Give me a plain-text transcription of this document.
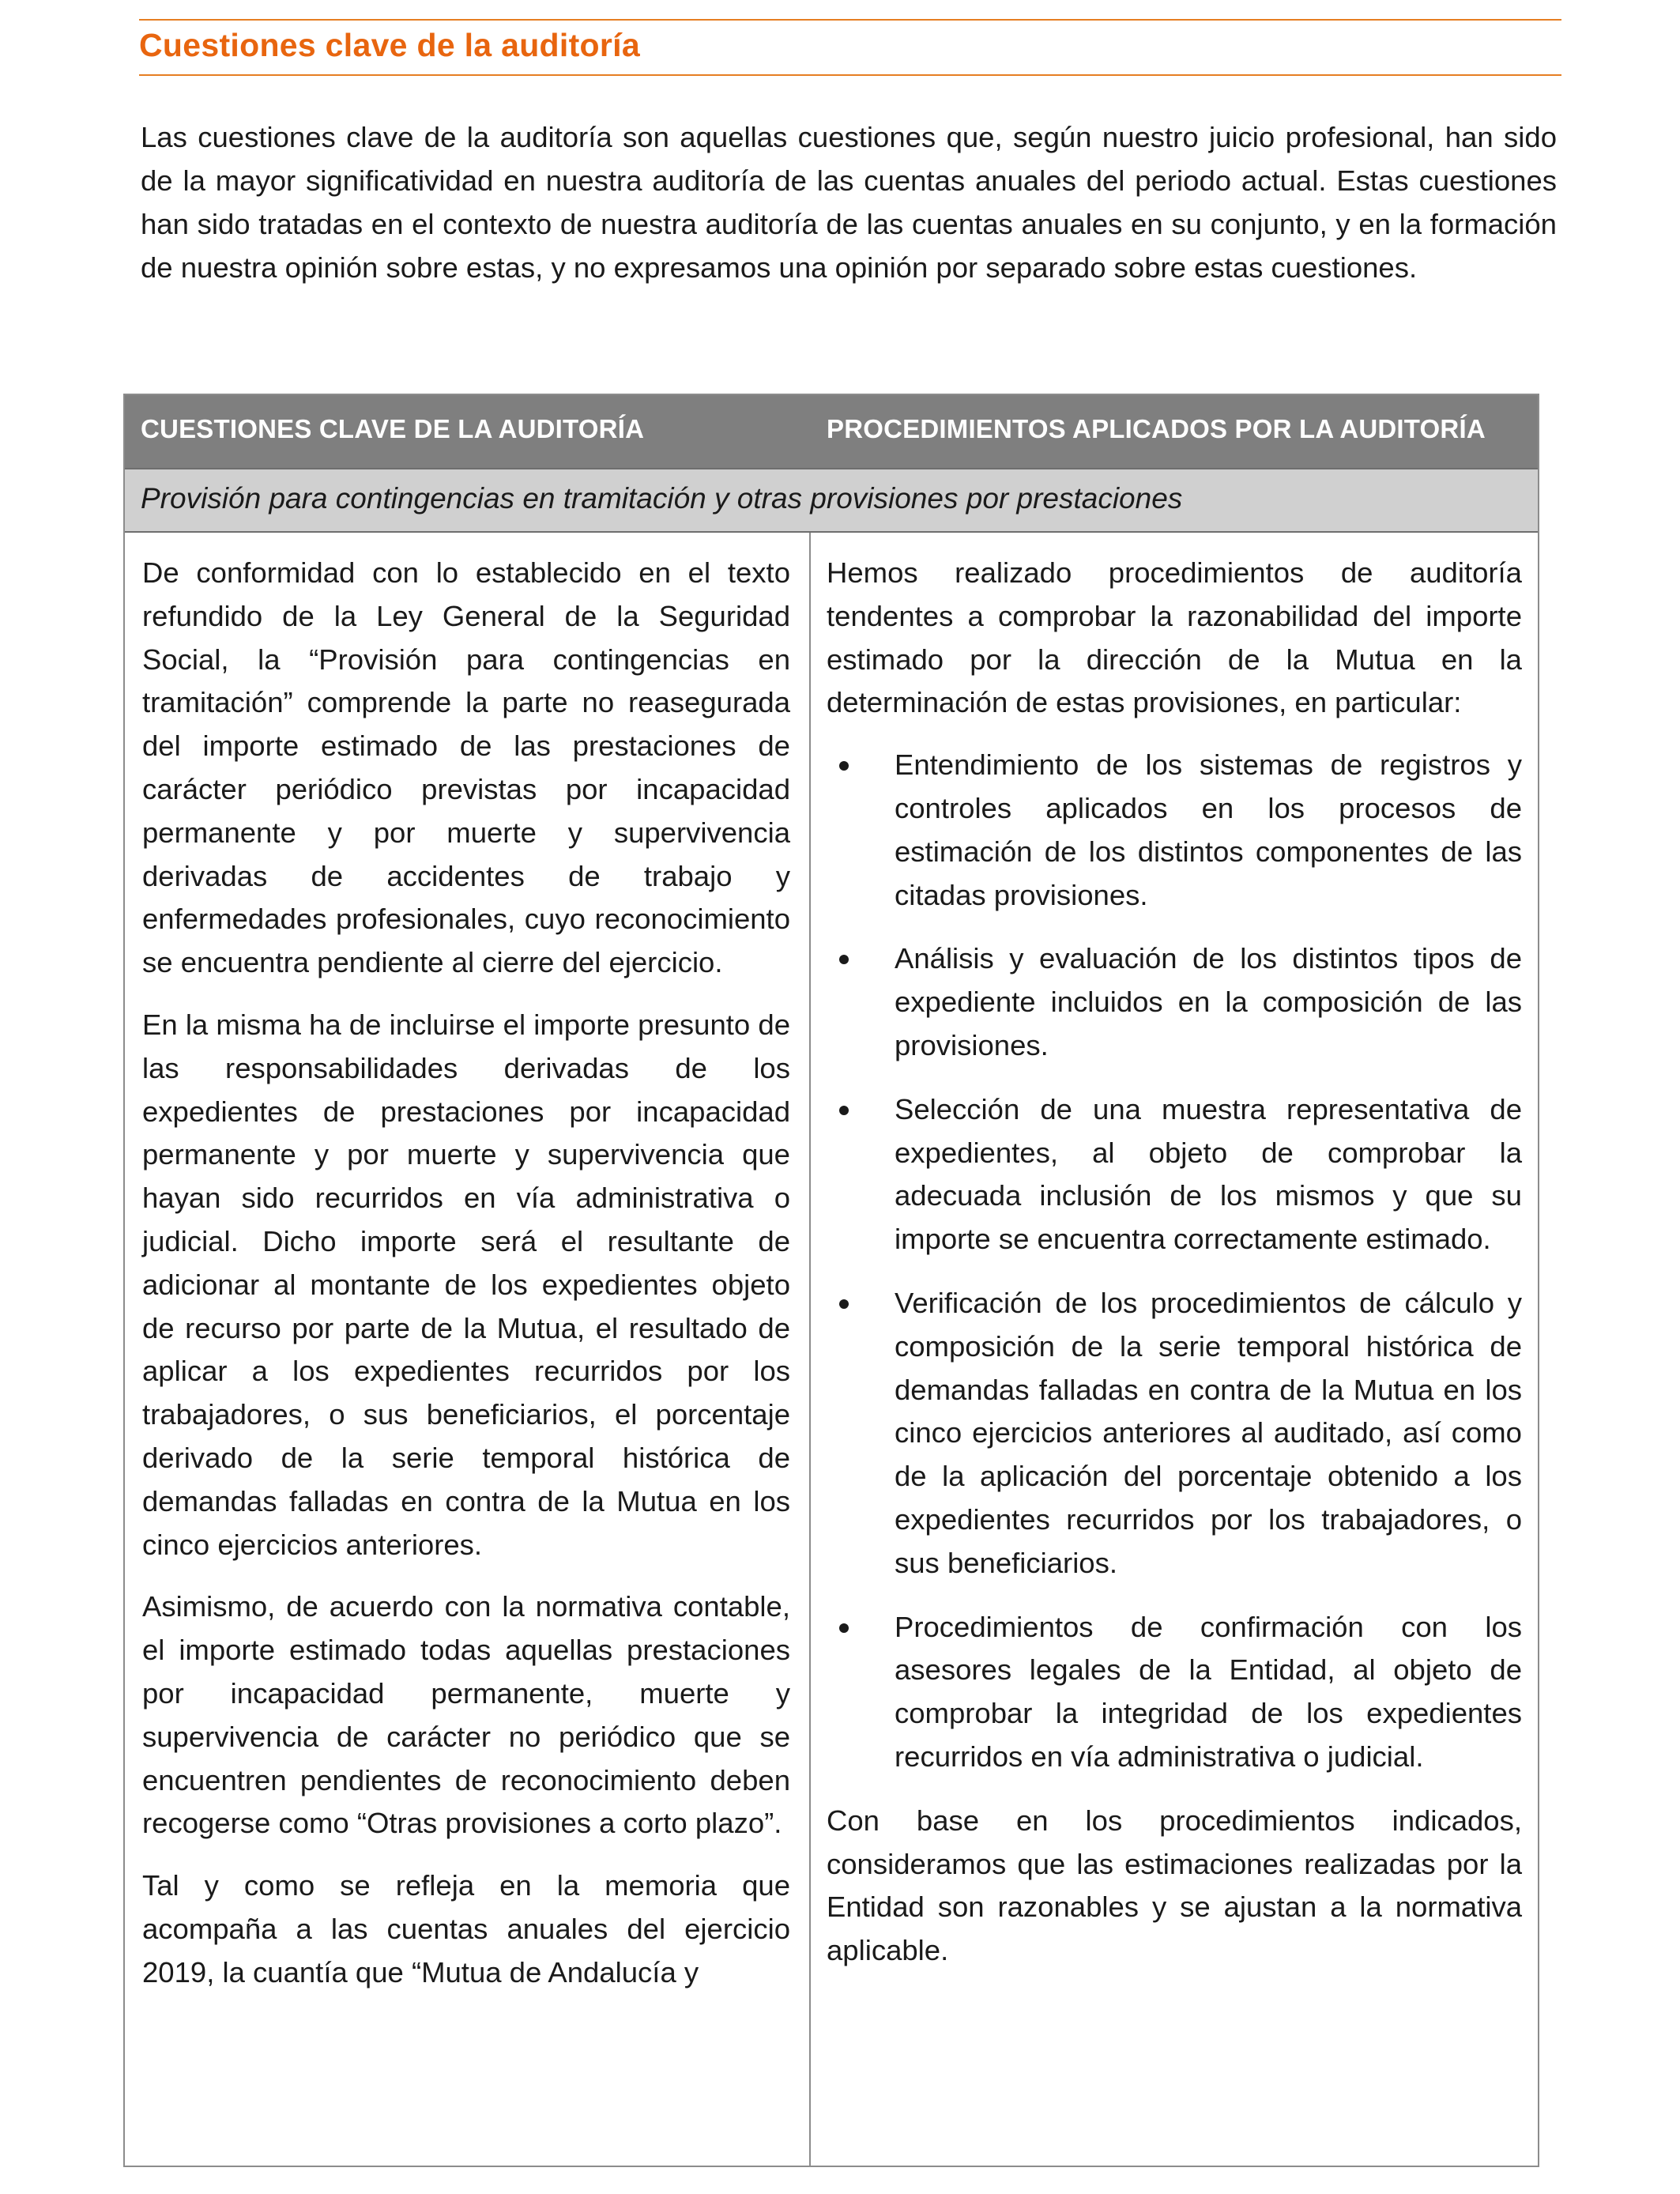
Cuestiones clave de la auditoría

Las cuestiones clave de la auditoría son aquellas cuestiones que, según nuestro juicio profesional, han sido de la mayor significatividad en nuestra auditoría de las cuentas anuales del periodo actual. Estas cuestiones han sido tratadas en el contexto de nuestra auditoría de las cuentas anuales en su conjunto, y en la formación de nuestra opinión sobre estas, y no expresamos una opinión por separado sobre estas cuestiones.

CUESTIONES CLAVE DE LA AUDITORÍA	PROCEDIMIENTOS APLICADOS POR LA AUDITORÍA
Provisión para contingencias en tramitación y otras provisiones por prestaciones

De conformidad con lo establecido en el texto refundido de la Ley General de la Seguridad Social, la “Provisión para contingencias en tramitación” comprende la parte no reasegurada del importe estimado de las prestaciones de carácter periódico previstas por incapacidad permanente y por muerte y supervivencia derivadas de accidentes de trabajo y enfermedades profesionales, cuyo reconocimiento se encuentra pendiente al cierre del ejercicio.

En la misma ha de incluirse el importe presunto de las responsabilidades derivadas de los expedientes de prestaciones por incapacidad permanente y por muerte y supervivencia que hayan sido recurridos en vía administrativa o judicial. Dicho importe será el resultante de adicionar al montante de los expedientes objeto de recurso por parte de la Mutua, el resultado de aplicar a los expedientes recurridos por los trabajadores, o sus beneficiarios, el porcentaje derivado de la serie temporal histórica de demandas falladas en contra de la Mutua en los cinco ejercicios anteriores.

Asimismo, de acuerdo con la normativa contable, el importe estimado todas aquellas prestaciones por incapacidad permanente, muerte y supervivencia de carácter no periódico que se encuentren pendientes de reconocimiento deben recogerse como “Otras provisiones a corto plazo”.

Tal y como se refleja en la memoria que acompaña a las cuentas anuales del ejercicio 2019, la cuantía que “Mutua de Andalucía y

Hemos realizado procedimientos de auditoría tendentes a comprobar la razonabilidad del importe estimado por la dirección de la Mutua en la determinación de estas provisiones, en particular:

Entendimiento de los sistemas de registros y controles aplicados en los procesos de estimación de los distintos componentes de las citadas provisiones.
Análisis y evaluación de los distintos tipos de expediente incluidos en la composición de las provisiones.
Selección de una muestra representativa de expedientes, al objeto de comprobar la adecuada inclusión de los mismos y que su importe se encuentra correctamente estimado.
Verificación de los procedimientos de cálculo y composición de la serie temporal histórica de demandas falladas en contra de la Mutua en los cinco ejercicios anteriores al auditado, así como de la aplicación del porcentaje obtenido a los expedientes recurridos por los trabajadores, o sus beneficiarios.
Procedimientos de confirmación con los asesores legales de la Entidad, al objeto de comprobar la integridad de los expedientes recurridos en vía administrativa o judicial.

Con base en los procedimientos indicados, consideramos que las estimaciones realizadas por la Entidad son razonables y se ajustan a la normativa aplicable.
